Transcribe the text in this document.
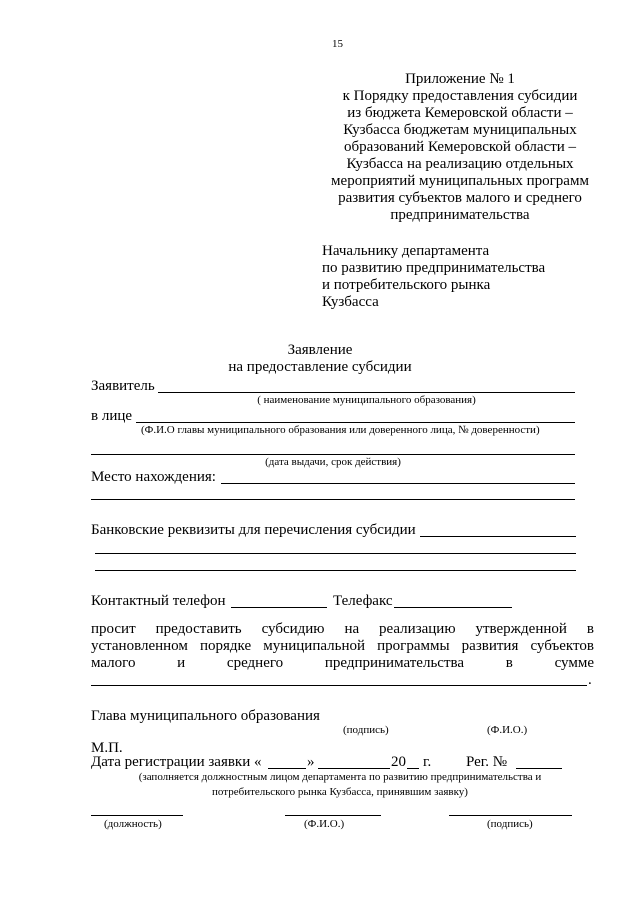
15
Приложение № 1
к Порядку предоставления субсидии
из бюджета Кемеровской области –
Кузбасса бюджетам муниципальных
образований Кемеровской области –
Кузбасса на реализацию отдельных
мероприятий муниципальных программ
развития субъектов малого и среднего
предпринимательства
Начальнику департамента
по развитию предпринимательства
и потребительского рынка
Кузбасса
Заявление
на предоставление субсидии
Заявитель
( наименование муниципального образования)
в лице
(Ф.И.О главы муниципального образования или доверенного лица, № доверенности)
(дата выдачи, срок действия)
Место нахождения:
Банковские реквизиты для перечисления субсидии
Контактный телефон	Телефакс
просит предоставить субсидию на реализацию утвержденной в
установленном порядке муниципальной программы развития субъектов
малого	и	среднего	предпринимательства	в	сумме
.
Глава муниципального образования
(подпись)	(Ф.И.О.)
М.П.
Дата регистрации заявки «	»	20 г. Рег. №
(заполняется должностным лицом департамента по развитию предпринимательства и
потребительского рынка Кузбасса, принявшим заявку)
(должность)	(Ф.И.О.)	(подпись)
